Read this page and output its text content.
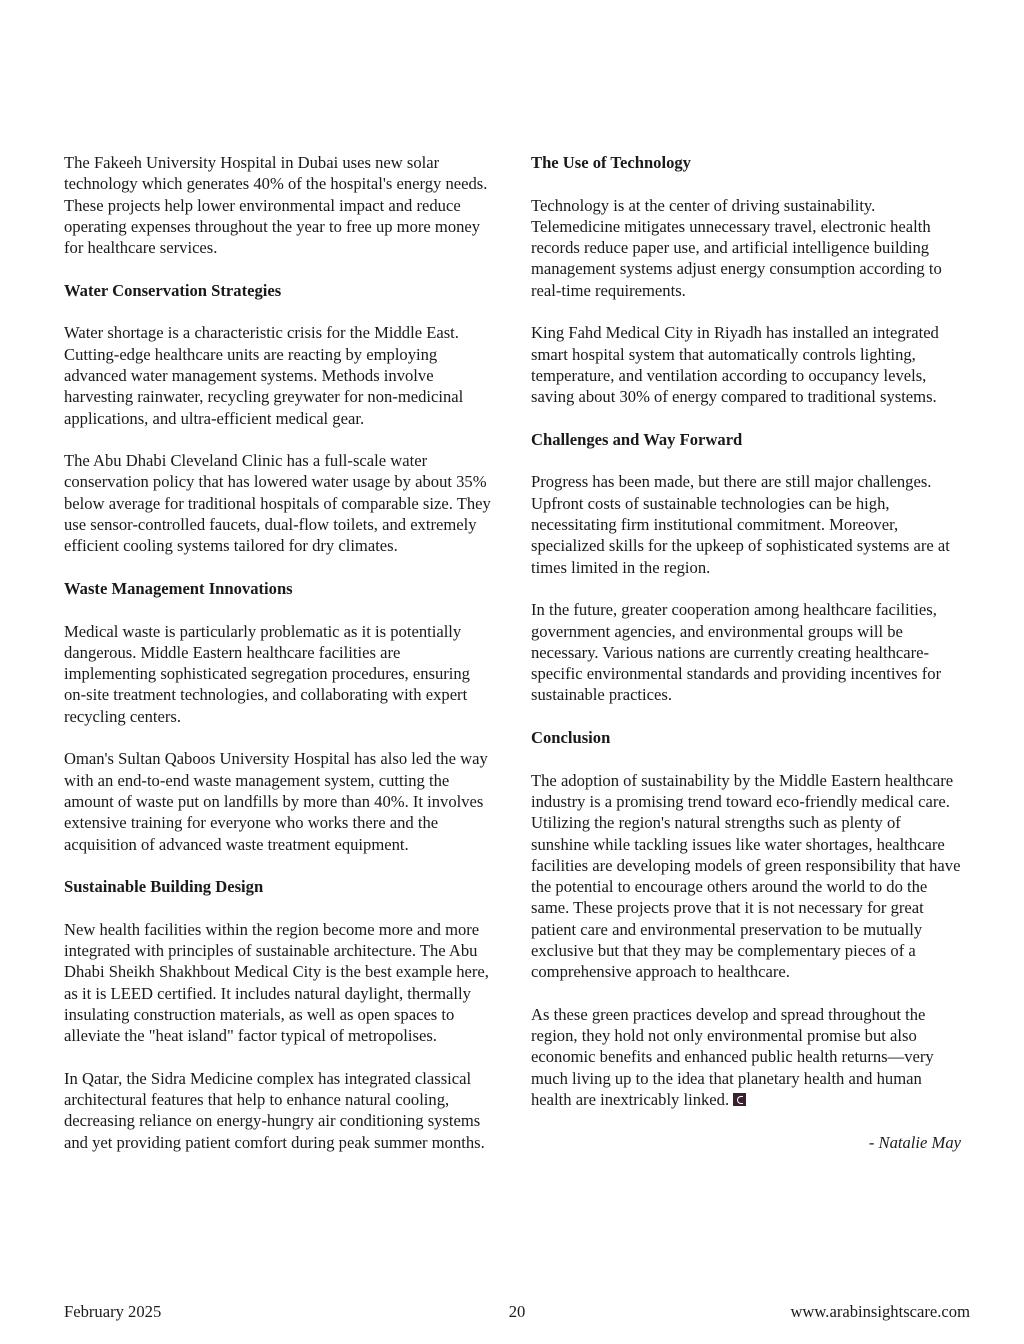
The Fakeeh University Hospital in Dubai uses new solar technology which generates 40% of the hospital's energy needs. These projects help lower environmental impact and reduce operating expenses throughout the year to free up more money for healthcare services.

Water Conservation Strategies

Water shortage is a characteristic crisis for the Middle East. Cutting-edge healthcare units are reacting by employing advanced water management systems. Methods involve harvesting rainwater, recycling greywater for non-medicinal applications, and ultra-efficient medical gear.

The Abu Dhabi Cleveland Clinic has a full-scale water conservation policy that has lowered water usage by about 35% below average for traditional hospitals of comparable size. They use sensor-controlled faucets, dual-flow toilets, and extremely efficient cooling systems tailored for dry climates.

Waste Management Innovations

Medical waste is particularly problematic as it is potentially dangerous. Middle Eastern healthcare facilities are implementing sophisticated segregation procedures, ensuring on-site treatment technologies, and collaborating with expert recycling centers.

Oman's Sultan Qaboos University Hospital has also led the way with an end-to-end waste management system, cutting the amount of waste put on landfills by more than 40%. It involves extensive training for everyone who works there and the acquisition of advanced waste treatment equipment.

Sustainable Building Design

New health facilities within the region become more and more integrated with principles of sustainable architecture. The Abu Dhabi Sheikh Shakhbout Medical City is the best example here, as it is LEED certified. It includes natural daylight, thermally insulating construction materials, as well as open spaces to alleviate the "heat island" factor typical of metropolises.

In Qatar, the Sidra Medicine complex has integrated classical architectural features that help to enhance natural cooling, decreasing reliance on energy-hungry air conditioning systems and yet providing patient comfort during peak summer months.

The Use of Technology

Technology is at the center of driving sustainability. Telemedicine mitigates unnecessary travel, electronic health records reduce paper use, and artificial intelligence building management systems adjust energy consumption according to real-time requirements.

King Fahd Medical City in Riyadh has installed an integrated smart hospital system that automatically controls lighting, temperature, and ventilation according to occupancy levels, saving about 30% of energy compared to traditional systems.

Challenges and Way Forward

Progress has been made, but there are still major challenges. Upfront costs of sustainable technologies can be high, necessitating firm institutional commitment. Moreover, specialized skills for the upkeep of sophisticated systems are at times limited in the region.

In the future, greater cooperation among healthcare facilities, government agencies, and environmental groups will be necessary. Various nations are currently creating healthcare-specific environmental standards and providing incentives for sustainable practices.

Conclusion

The adoption of sustainability by the Middle Eastern healthcare industry is a promising trend toward eco-friendly medical care. Utilizing the region's natural strengths such as plenty of sunshine while tackling issues like water shortages, healthcare facilities are developing models of green responsibility that have the potential to encourage others around the world to do the same. These projects prove that it is not necessary for great patient care and environmental preservation to be mutually exclusive but that they may be complementary pieces of a comprehensive approach to healthcare.

As these green practices develop and spread throughout the region, they hold not only environmental promise but also economic benefits and enhanced public health returns—very much living up to the idea that planetary health and human health are inextricably linked.

- Natalie May

February 2025	20	www.arabinsightscare.com
